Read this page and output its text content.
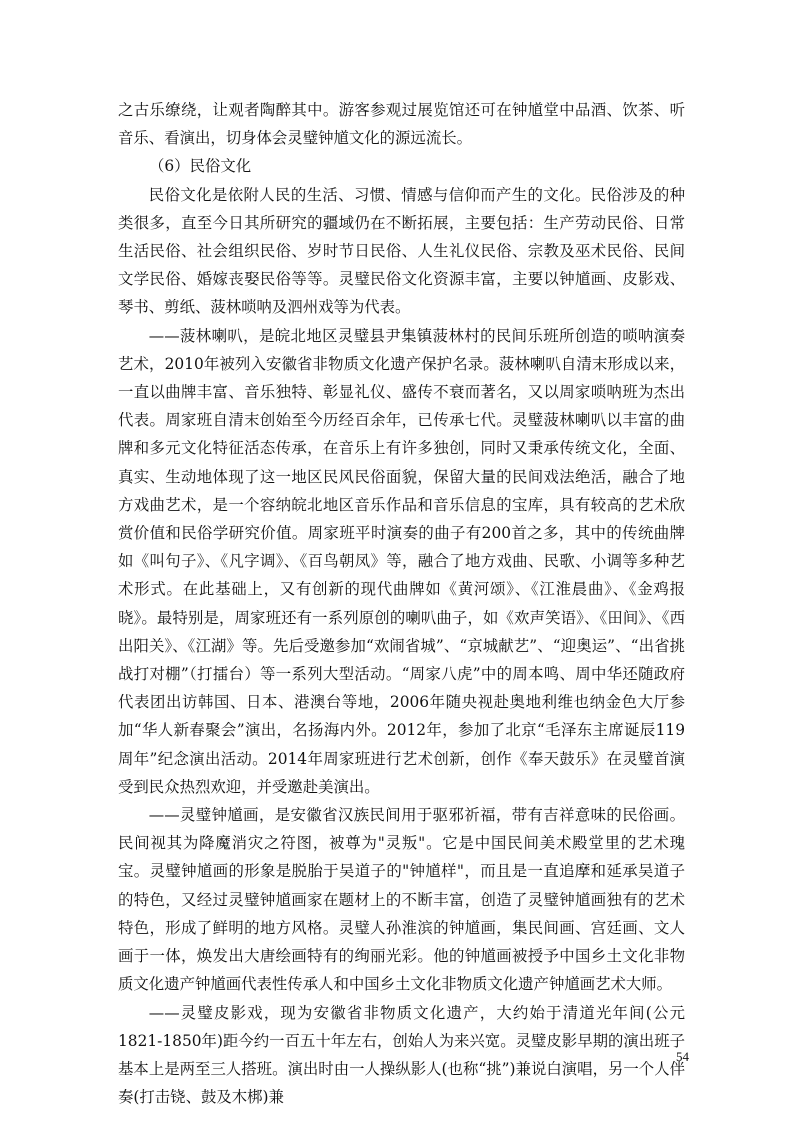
之古乐缭绕，让观者陶醉其中。游客参观过展览馆还可在钟馗堂中品酒、饮茶、听音乐、看演出，切身体会灵璧钟馗文化的源远流长。

（6）民俗文化

民俗文化是依附人民的生活、习惯、情感与信仰而产生的文化。民俗涉及的种类很多，直至今日其所研究的疆域仍在不断拓展，主要包括：生产劳动民俗、日常生活民俗、社会组织民俗、岁时节日民俗、人生礼仪民俗、宗教及巫术民俗、民间文学民俗、婚嫁丧娶民俗等等。灵璧民俗文化资源丰富，主要以钟馗画、皮影戏、琴书、剪纸、菠林唢呐及泗州戏等为代表。

——菠林喇叭，是皖北地区灵璧县尹集镇菠林村的民间乐班所创造的唢呐演奏艺术，2010年被列入安徽省非物质文化遗产保护名录。菠林喇叭自清末形成以来，一直以曲牌丰富、音乐独特、彰显礼仪、盛传不衰而著名，又以周家唢呐班为杰出代表。周家班自清末创始至今历经百余年，已传承七代。灵璧菠林喇叭以丰富的曲牌和多元文化特征活态传承，在音乐上有许多独创，同时又秉承传统文化，全面、真实、生动地体现了这一地区民风民俗面貌，保留大量的民间戏法绝活，融合了地方戏曲艺术，是一个容纳皖北地区音乐作品和音乐信息的宝库，具有较高的艺术欣赏价值和民俗学研究价值。周家班平时演奏的曲子有200首之多，其中的传统曲牌如《叫句子》、《凡字调》、《百鸟朝凤》等，融合了地方戏曲、民歌、小调等多种艺术形式。在此基础上，又有创新的现代曲牌如《黄河颂》、《江淮晨曲》、《金鸡报晓》。最特别是，周家班还有一系列原创的喇叭曲子，如《欢声笑语》、《田间》、《西出阳关》、《江湖》等。先后受邀参加“欢闹省城”、“京城献艺”、“迎奥运”、“出省挑战打对棚”（打擂台）等一系列大型活动。“周家八虎”中的周本鸣、周中华还随政府代表团出访韩国、日本、港澳台等地，2006年随央视赴奥地利维也纳金色大厅参加“华人新春聚会”演出，名扬海内外。2012年，参加了北京“毛泽东主席诞辰119周年”纪念演出活动。2014年周家班进行艺术创新，创作《奉天鼓乐》在灵璧首演受到民众热烈欢迎，并受邀赴美演出。

——灵璧钟馗画，是安徽省汉族民间用于驱邪祈福，带有吉祥意味的民俗画。民间视其为降魔消灾之符图，被尊为"灵叛"。它是中国民间美术殿堂里的艺术瑰宝。灵璧钟馗画的形象是脱胎于吴道子的"钟馗样"，而且是一直追摩和延承吴道子的特色，又经过灵璧钟馗画家在题材上的不断丰富，创造了灵璧钟馗画独有的艺术特色，形成了鲜明的地方风格。灵璧人孙淮滨的钟馗画，集民间画、宫廷画、文人画于一体，焕发出大唐绘画特有的绚丽光彩。他的钟馗画被授予中国乡土文化非物质文化遗产钟馗画代表性传承人和中国乡土文化非物质文化遗产钟馗画艺术大师。

——灵璧皮影戏，现为安徽省非物质文化遗产，大约始于清道光年间(公元1821-1850年)距今约一百五十年左右，创始人为来兴宽。灵璧皮影早期的演出班子基本上是两至三人搭班。演出时由一人操纵影人(也称“挑”)兼说白演唱，另一个人伴奏(打击铙、鼓及木梆)兼

54
